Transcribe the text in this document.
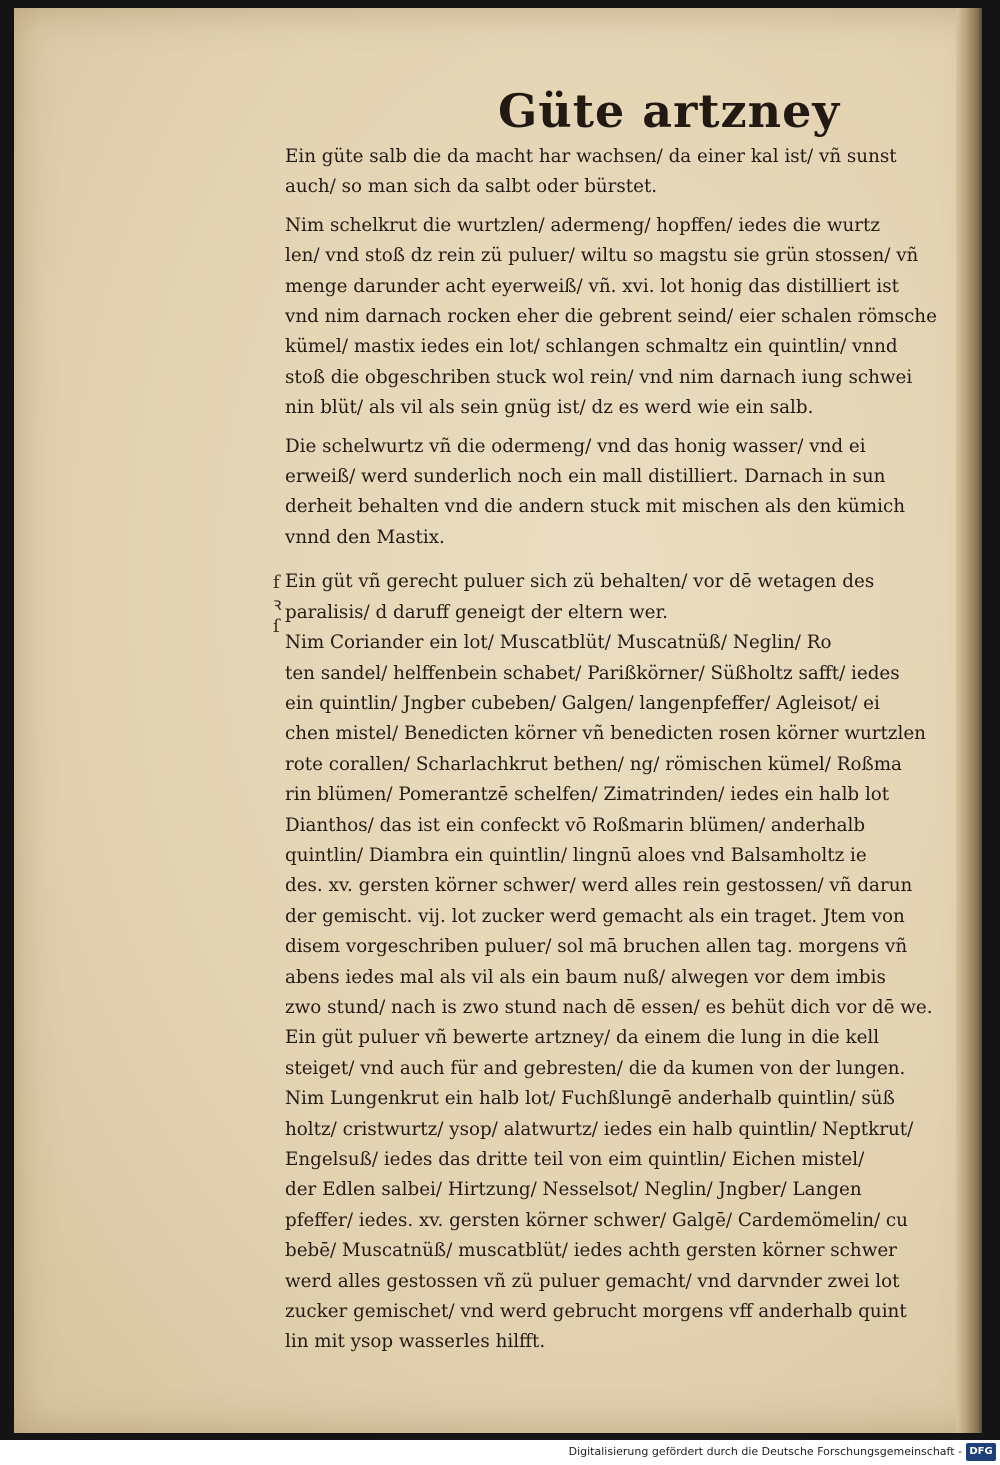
Güte artzney
f ꝛ ſ
Ein güte salb die da macht har wachsen/ da einer kal ist/ vñ sunst
auch/ so man sich da salbt oder bürstet.
Nim schelkrut die wurtzlen/ adermeng/ hopffen/ iedes die wurtz
len/ vnd stoß dz rein zü puluer/ wiltu so magstu sie grün stossen/ vñ
menge darunder acht eyerweiß/ vñ. xvi. lot honig das distilliert ist
vnd nim darnach rocken eher die gebrent seind/ eier schalen römsche
kümel/ mastix iedes ein lot/ schlangen schmaltz ein quintlin/ vnnd
stoß die obgeschriben stuck wol rein/ vnd nim darnach iung schwei
nin blüt/ als vil als sein gnüg ist/ dz es werd wie ein salb.
Die schelwurtz vñ die odermeng/ vnd das honig wasser/ vnd ei
erweiß/ werd sunderlich noch ein mall distilliert. Darnach in sun
derheit behalten vnd die andern stuck mit mischen als den kümich
vnnd den Mastix.
Ein güt vñ gerecht puluer sich zü behalten/ vor dē wetagen des
paralisis/ d daruff geneigt der eltern wer.
Nim Coriander ein lot/ Muscatblüt/ Muscatnüß/ Neglin/ Ro
ten sandel/ helffenbein schabet/ Parißkörner/ Süßholtz safft/ iedes
ein quintlin/ Jngber cubeben/ Galgen/ langenpfeffer/ Agleisot/ ei
chen mistel/ Benedicten körner vñ benedicten rosen körner wurtzlen
rote corallen/ Scharlachkrut bethen/ ng/ römischen kümel/ Roßma
rin blümen/ Pomerantzē schelfen/ Zimatrinden/ iedes ein halb lot
Dianthos/ das ist ein confeckt vō Roßmarin blümen/ anderhalb
quintlin/ Diambra ein quintlin/ lingnū aloes vnd Balsamholtz ie
des. xv. gersten körner schwer/ werd alles rein gestossen/ vñ darun
der gemischt. vij. lot zucker werd gemacht als ein traget. Jtem von
disem vorgeschriben puluer/ sol mā bruchen allen tag. morgens vñ
abens iedes mal als vil als ein baum nuß/ alwegen vor dem imbis
zwo stund/ nach is zwo stund nach dē essen/ es behüt dich vor dē we.
Ein güt puluer vñ bewerte artzney/ da einem die lung in die kell
steiget/ vnd auch für and gebresten/ die da kumen von der lungen.
Nim Lungenkrut ein halb lot/ Fuchßlungē anderhalb quintlin/ süß
holtz/ cristwurtz/ ysop/ alatwurtz/ iedes ein halb quintlin/ Neptkrut/
Engelsuß/ iedes das dritte teil von eim quintlin/ Eichen mistel/
der Edlen salbei/ Hirtzung/ Nesselsot/ Neglin/ Jngber/ Langen
pfeffer/ iedes. xv. gersten körner schwer/ Galgē/ Cardemömelin/ cu
bebē/ Muscatnüß/ muscatblüt/ iedes achth gersten körner schwer
werd alles gestossen vñ zü puluer gemacht/ vnd darvnder zwei lot
zucker gemischet/ vnd werd gebrucht morgens vff anderhalb quint
lin mit ysop wasserles hilfft.
Digitalisierung gefördert durch die Deutsche Forschungsgemeinschaft - DFG
